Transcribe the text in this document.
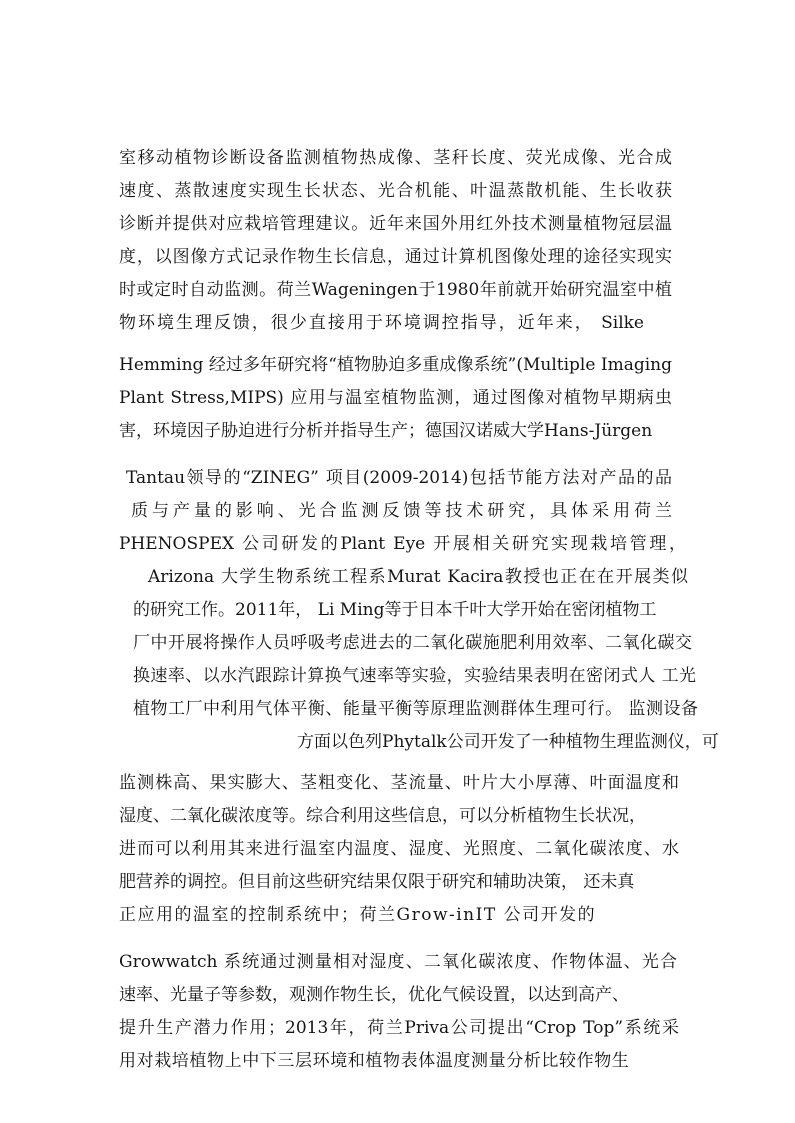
室移动植物诊断设备监测植物热成像、茎秆长度、荧光成像、光合成
速度、蒸散速度实现生长状态、光合机能、叶温蒸散机能、生长收获
诊断并提供对应栽培管理建议。近年来国外用红外技术测量植物冠层温
度，以图像方式记录作物生长信息，通过计算机图像处理的途径实现实
时或定时自动监测。荷兰Wageningen于1980年前就开始研究温室中植
物环境生理反馈，很少直接用于环境调控指导，近年来， Silke
Hemming 经过多年研究将“植物胁迫多重成像系统”(Multiple Imaging
Plant Stress,MIPS) 应用与温室植物监测，通过图像对植物早期病虫
害，环境因子胁迫进行分析并指导生产；德国汉诺威大学Hans-Jürgen
Tantau领导的“ZINEG” 项目(2009-2014)包括节能方法对产品的品
质与产量的影响、光合监测反馈等技术研究，具体采用荷兰
PHENOSPEX 公司研发的Plant Eye 开展相关研究实现栽培管理，
Arizona 大学生物系统工程系Murat Kacira教授也正在在开展类似
的研究工作。2011年， Li Ming等于日本千叶大学开始在密闭植物工
厂中开展将操作人员呼吸考虑进去的二氧化碳施肥利用效率、二氧化碳交
换速率、以水汽跟踪计算换气速率等实验，实验结果表明在密闭式人 工光
植物工厂中利用气体平衡、能量平衡等原理监测群体生理可行。 监测设备
方面以色列Phytalk公司开发了一种植物生理监测仪，可
监测株高、果实膨大、茎粗变化、茎流量、叶片大小厚薄、叶面温度和
湿度、二氧化碳浓度等。综合利用这些信息，可以分析植物生长状况，
进而可以利用其来进行温室内温度、湿度、光照度、二氧化碳浓度、水
肥营养的调控。但目前这些研究结果仅限于研究和辅助决策， 还未真
正应用的温室的控制系统中；荷兰Grow-inIT 公司开发的
Growwatch 系统通过测量相对湿度、二氧化碳浓度、作物体温、光合
速率、光量子等参数，观测作物生长，优化气候设置，以达到高产、
提升生产潜力作用；2013年，荷兰Priva公司提出“Crop Top”系统采
用对栽培植物上中下三层环境和植物表体温度测量分析比较作物生
